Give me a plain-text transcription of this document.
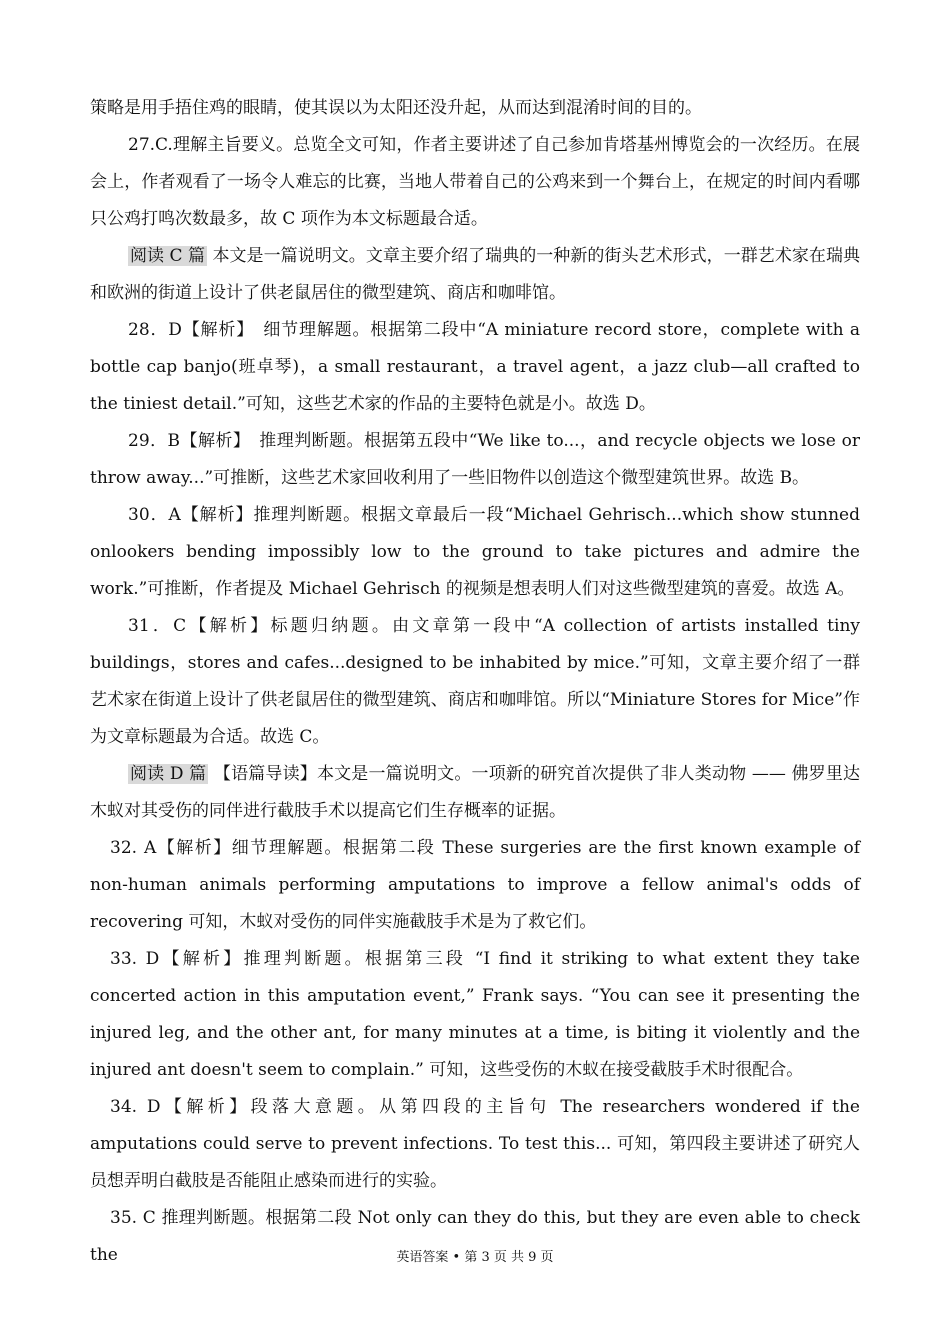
策略是用手捂住鸡的眼睛，使其误以为太阳还没升起，从而达到混淆时间的目的。

27.C.理解主旨要义。总览全文可知，作者主要讲述了自己参加肯塔基州博览会的一次经历。在展会上，作者观看了一场令人难忘的比赛，当地人带着自己的公鸡来到一个舞台上，在规定的时间内看哪只公鸡打鸣次数最多，故 C 项作为本文标题最合适。

阅读 C 篇 本文是一篇说明文。文章主要介绍了瑞典的一种新的街头艺术形式，一群艺术家在瑞典和欧洲的街道上设计了供老鼠居住的微型建筑、商店和咖啡馆。

28．D【解析】　细节理解题。根据第二段中“A miniature record store，complete with a bottle cap banjo(班卓琴)，a small restaurant，a travel agent，a jazz club—all crafted to the tiniest detail.”可知，这些艺术家的作品的主要特色就是小。故选 D。

29．B【解析】　推理判断题。根据第五段中“We like to...，and recycle objects we lose or throw away...”可推断，这些艺术家回收利用了一些旧物件以创造这个微型建筑世界。故选 B。

30．A【解析】推理判断题。根据文章最后一段“Michael Gehrisch...which show stunned onlookers bending impossibly low to the ground to take pictures and admire the work.”可推断，作者提及 Michael Gehrisch 的视频是想表明人们对这些微型建筑的喜爱。故选 A。

31．C【解析】标题归纳题。由文章第一段中“A collection of artists installed tiny buildings，stores and cafes...designed to be inhabited by mice.”可知，文章主要介绍了一群艺术家在街道上设计了供老鼠居住的微型建筑、商店和咖啡馆。所以“Miniature Stores for Mice”作为文章标题最为合适。故选 C。

阅读 D 篇 【语篇导读】本文是一篇说明文。一项新的研究首次提供了非人类动物 —— 佛罗里达木蚁对其受伤的同伴进行截肢手术以提高它们生存概率的证据。

32. A【解析】细节理解题。根据第二段 These surgeries are the first known example of non-human animals performing amputations to improve a fellow animal's odds of recovering 可知，木蚁对受伤的同伴实施截肢手术是为了救它们。

33. D【解析】推理判断题。根据第三段 “I find it striking to what extent they take concerted action in this amputation event,” Frank says. “You can see it presenting the injured leg, and the other ant, for many minutes at a time, is biting it violently and the injured ant doesn't seem to complain.” 可知，这些受伤的木蚁在接受截肢手术时很配合。

34. D【解析】段落大意题。从第四段的主旨句 The researchers wondered if the amputations could serve to prevent infections. To test this... 可知，第四段主要讲述了研究人员想弄明白截肢是否能阻止感染而进行的实验。

35. C 推理判断题。根据第二段 Not only can they do this, but they are even able to check the	英语答案 • 第 3 页 共 9 页
